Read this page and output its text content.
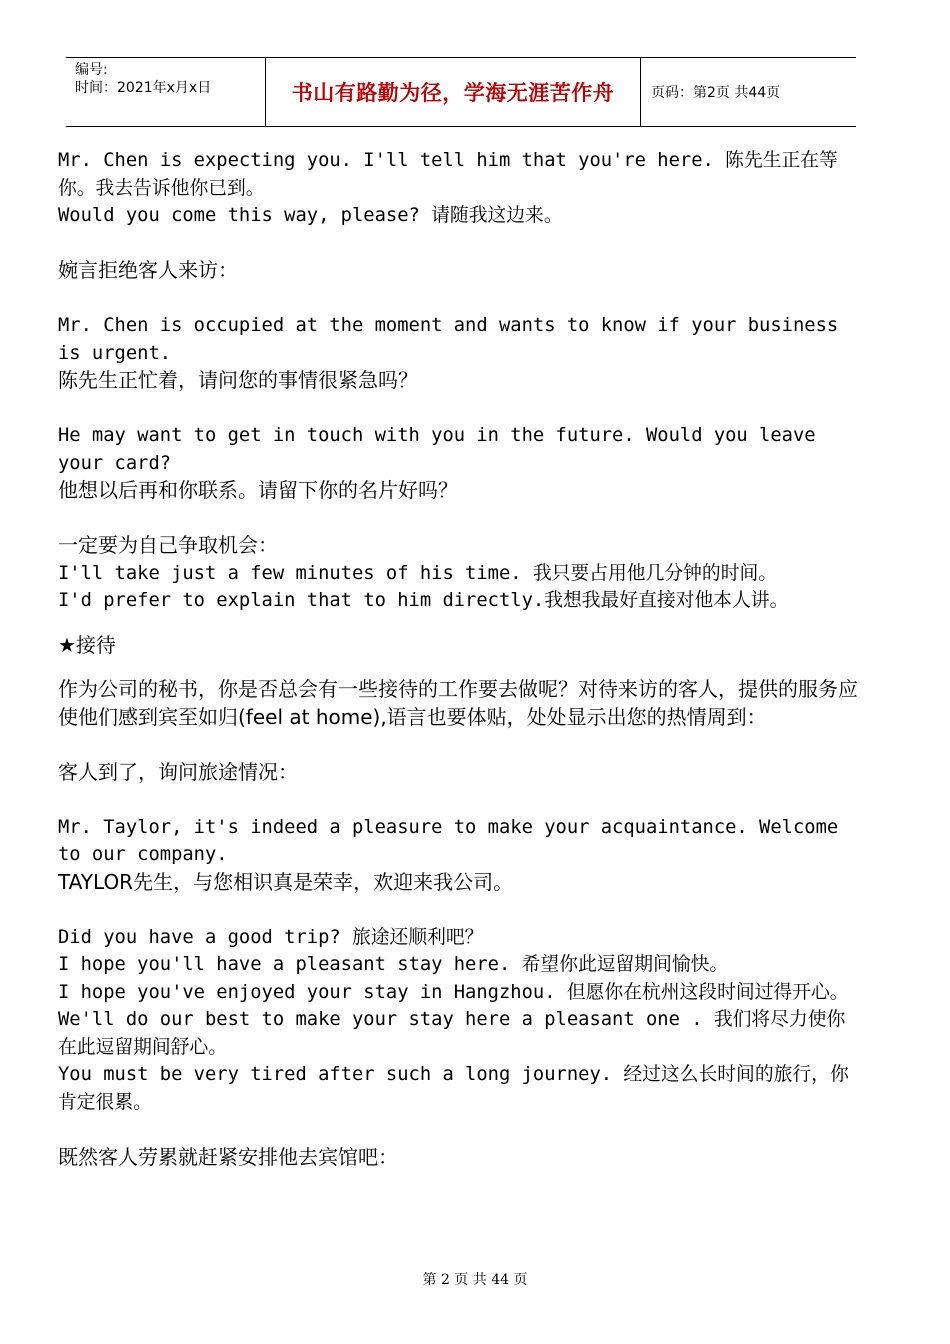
编号:
时间：2021年x月x日	书山有路勤为径，学海无涯苦作舟	页码：第2页 共44页

Mr. Chen is expecting you. I'll tell him that you're here. 陈先生正在等你。我去告诉他你已到。

Would you come this way, please? 请随我这边来。

婉言拒绝客人来访：

Mr. Chen is occupied at the moment and wants to know if your business is urgent.

陈先生正忙着，请问您的事情很紧急吗？

He may want to get in touch with you in the future. Would you leave your card?

他想以后再和你联系。请留下你的名片好吗？

一定要为自己争取机会：

I'll take just a few minutes of his time. 我只要占用他几分钟的时间。

I'd prefer to explain that to him directly.我想我最好直接对他本人讲。

★接待

作为公司的秘书，你是否总会有一些接待的工作要去做呢？对待来访的客人，提供的服务应使他们感到宾至如归(feel at home),语言也要体贴，处处显示出您的热情周到：

客人到了，询问旅途情况：

Mr. Taylor, it's indeed a pleasure to make your acquaintance. Welcome to our company.

TAYLOR先生，与您相识真是荣幸，欢迎来我公司。

Did you have a good trip? 旅途还顺利吧？

I hope you'll have a pleasant stay here. 希望你此逗留期间愉快。

I hope you've enjoyed your stay in Hangzhou. 但愿你在杭州这段时间过得开心。

We'll do our best to make your stay here a pleasant one . 我们将尽力使你在此逗留期间舒心。

You must be very tired after such a long journey. 经过这么长时间的旅行，你肯定很累。

既然客人劳累就赶紧安排他去宾馆吧：

第 2 页 共 44 页
